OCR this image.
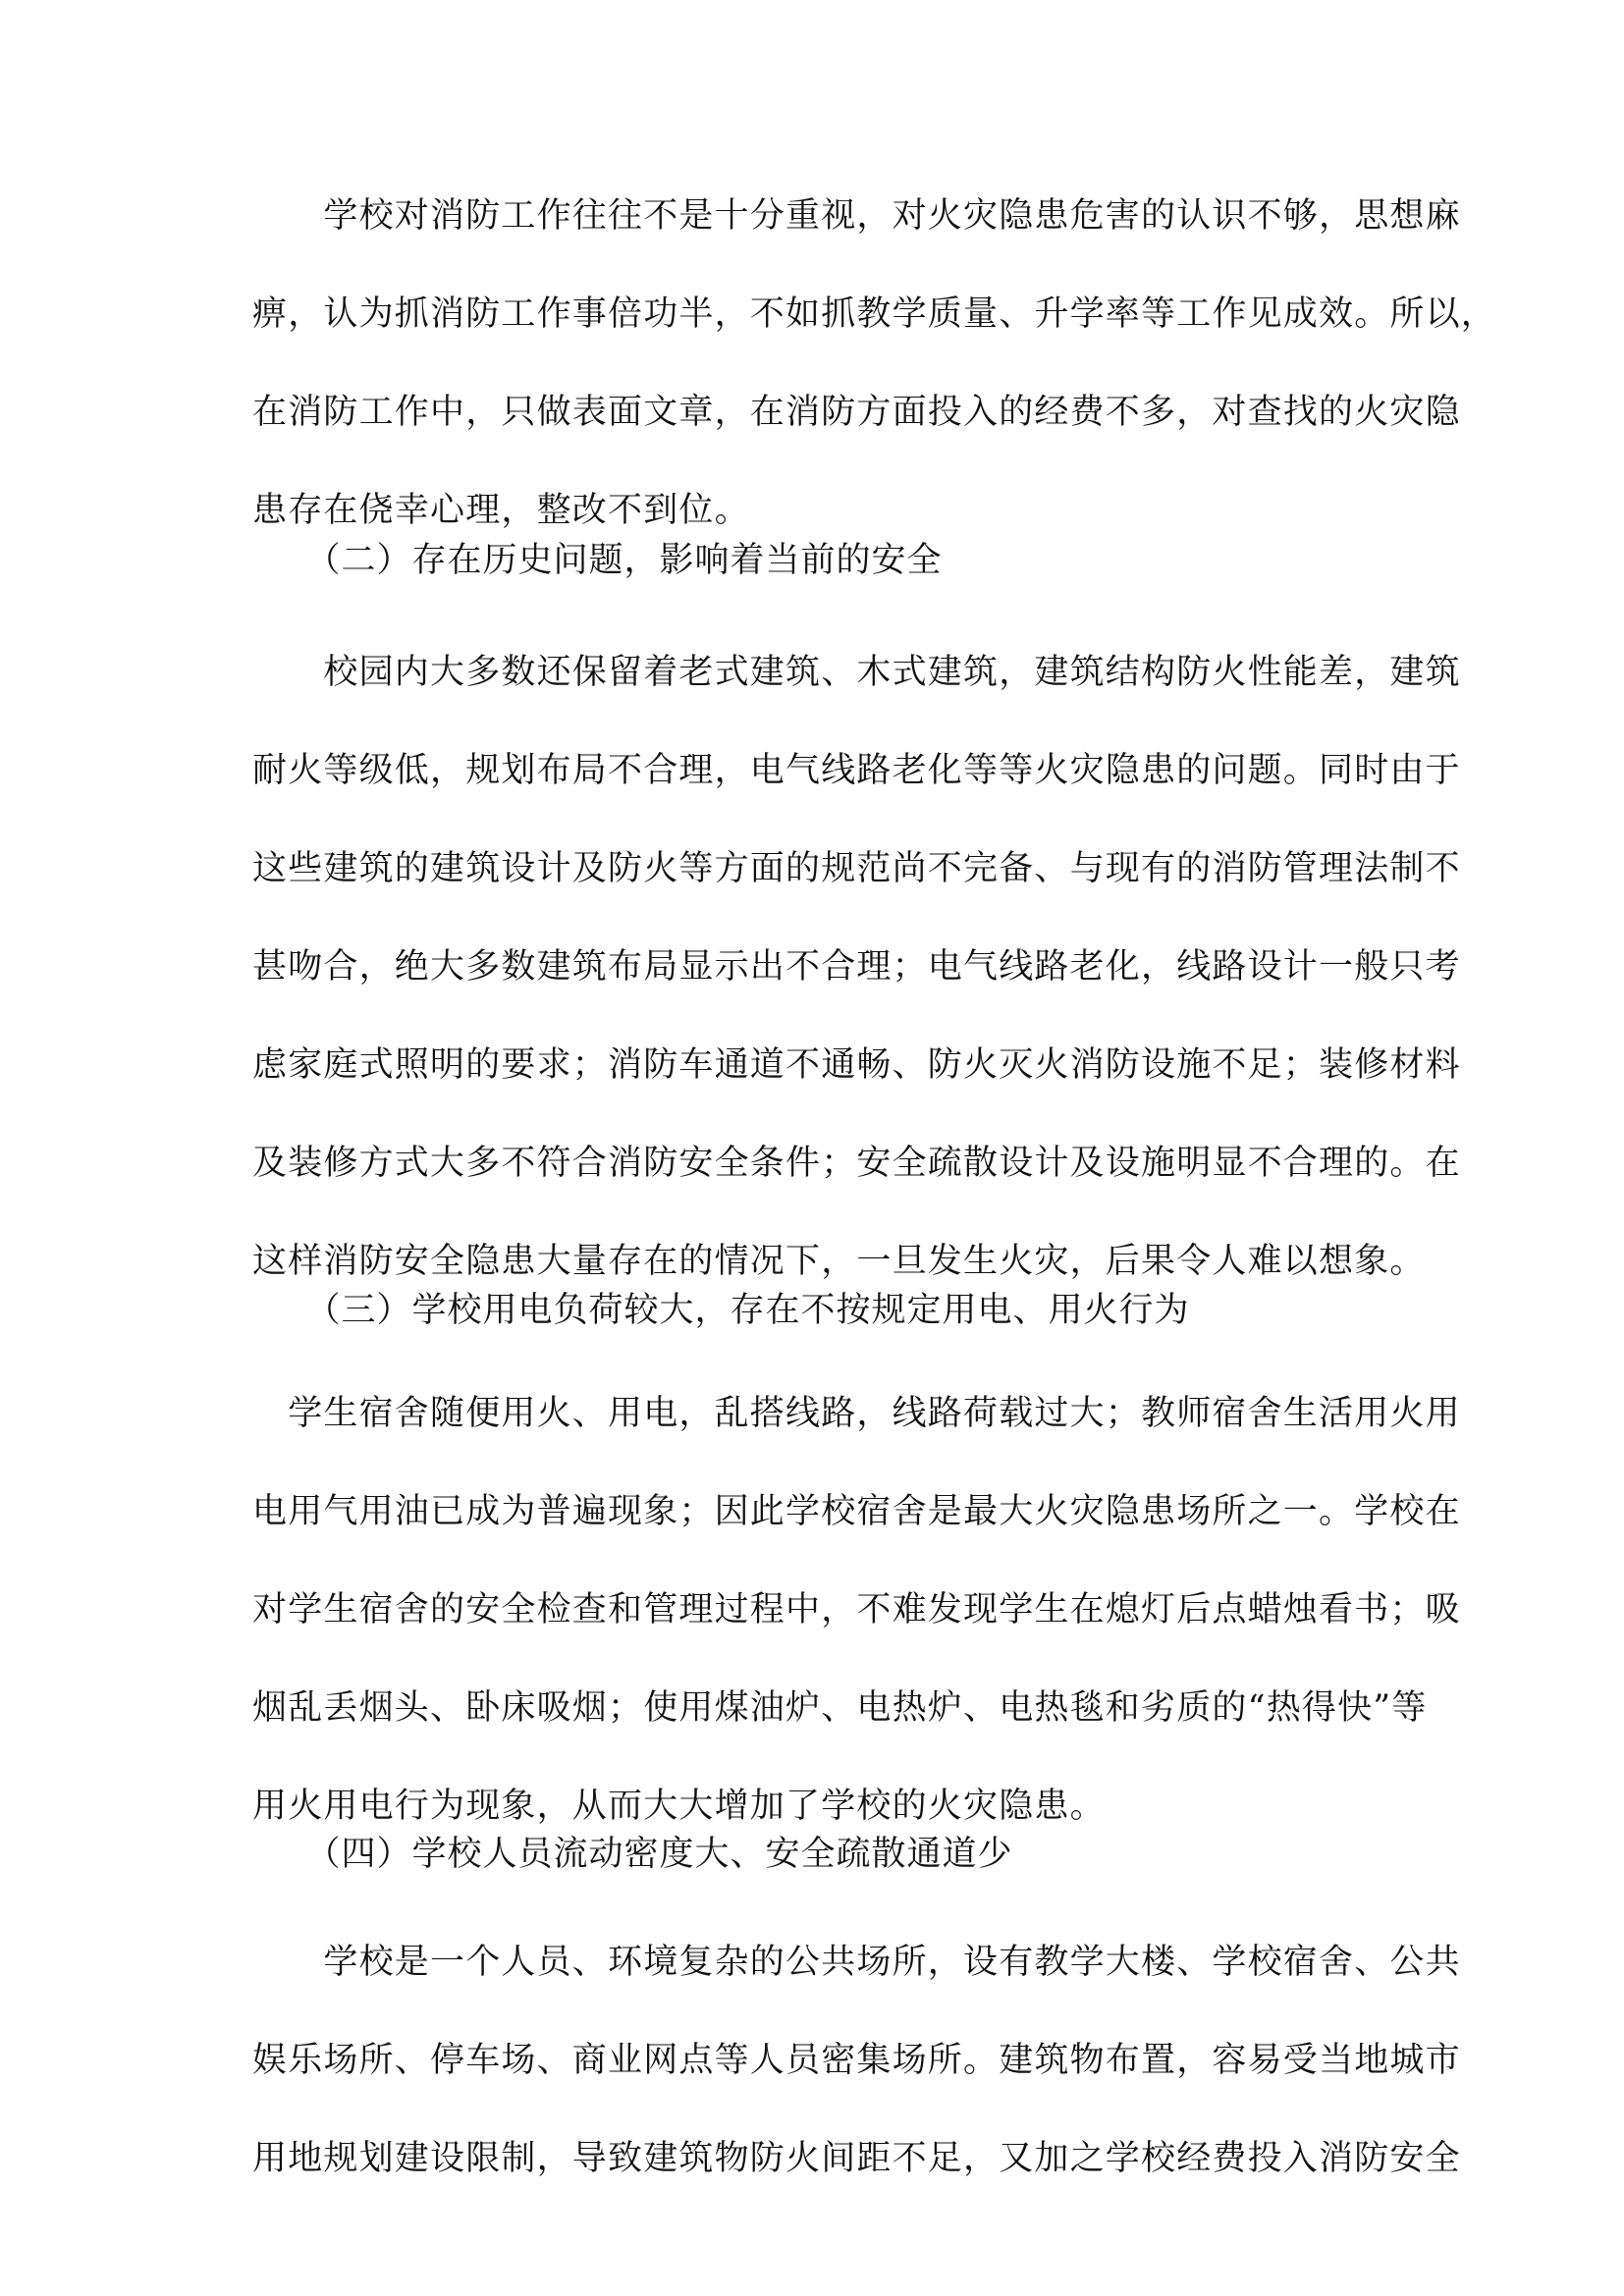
　　学校对消防工作往往不是十分重视，对火灾隐患危害的认识不够，思想麻
痹，认为抓消防工作事倍功半，不如抓教学质量、升学率等工作见成效。所以，
在消防工作中，只做表面文章，在消防方面投入的经费不多，对查找的火灾隐
患存在侥幸心理，整改不到位。
　　（二）存在历史问题，影响着当前的安全
　　校园内大多数还保留着老式建筑、木式建筑，建筑结构防火性能差，建筑
耐火等级低，规划布局不合理，电气线路老化等等火灾隐患的问题。同时由于
这些建筑的建筑设计及防火等方面的规范尚不完备、与现有的消防管理法制不
甚吻合，绝大多数建筑布局显示出不合理；电气线路老化，线路设计一般只考
虑家庭式照明的要求；消防车通道不通畅、防火灭火消防设施不足；装修材料
及装修方式大多不符合消防安全条件；安全疏散设计及设施明显不合理的。在
这样消防安全隐患大量存在的情况下，一旦发生火灾，后果令人难以想象。
　　（三）学校用电负荷较大，存在不按规定用电、用火行为
　学生宿舍随便用火、用电，乱搭线路，线路荷载过大；教师宿舍生活用火用
电用气用油已成为普遍现象；因此学校宿舍是最大火灾隐患场所之一。学校在
对学生宿舍的安全检查和管理过程中，不难发现学生在熄灯后点蜡烛看书；吸
烟乱丢烟头、卧床吸烟；使用煤油炉、电热炉、电热毯和劣质的“热得快”等
用火用电行为现象，从而大大增加了学校的火灾隐患。
　　（四）学校人员流动密度大、安全疏散通道少
　　学校是一个人员、环境复杂的公共场所，设有教学大楼、学校宿舍、公共
娱乐场所、停车场、商业网点等人员密集场所。建筑物布置，容易受当地城市
用地规划建设限制，导致建筑物防火间距不足，又加之学校经费投入消防安全
